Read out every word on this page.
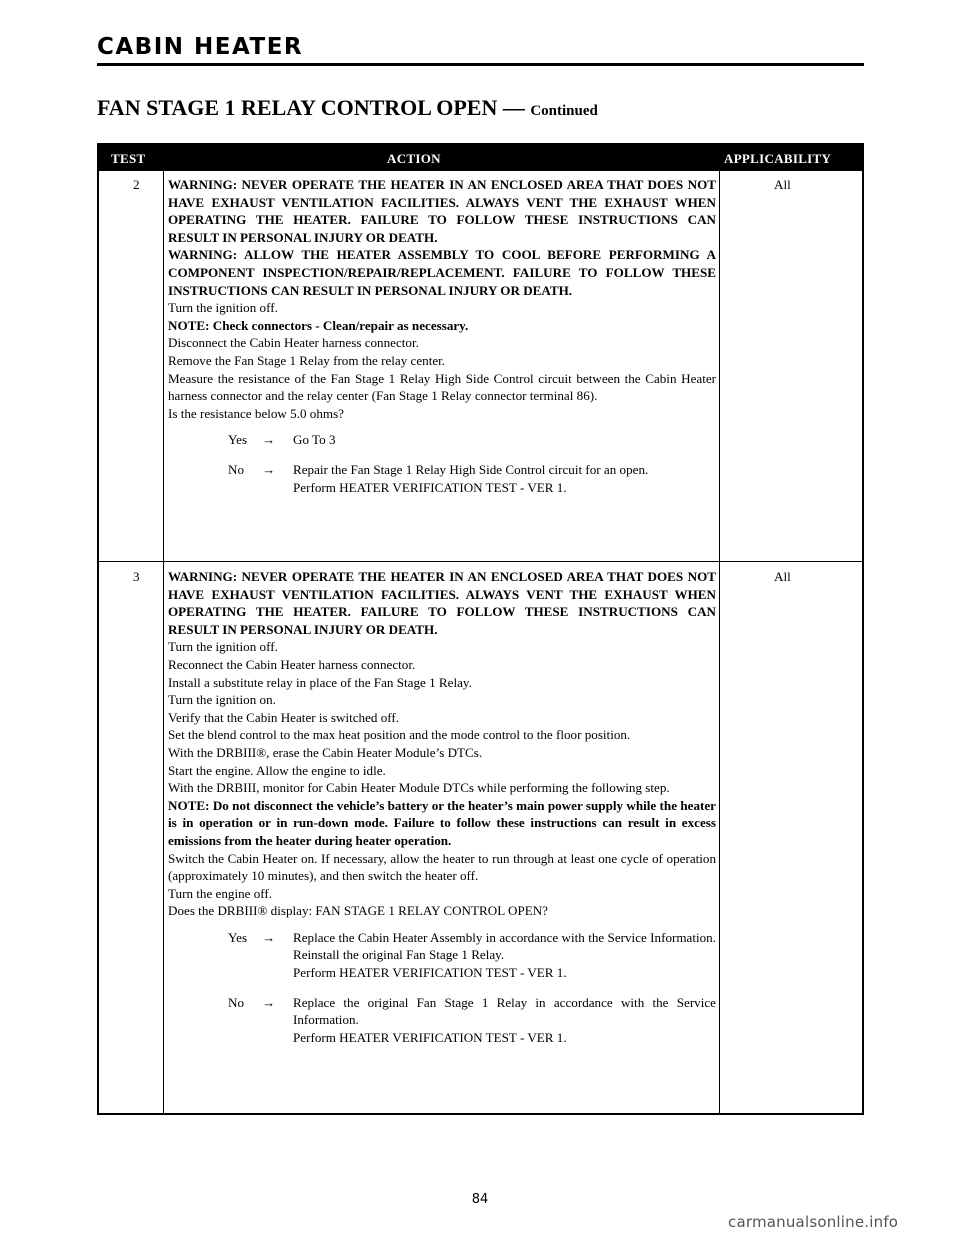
CABIN HEATER
FAN STAGE 1 RELAY CONTROL OPEN — Continued
TEST	ACTION	APPLICABILITY
2 WARNING: NEVER OPERATE THE HEATER IN AN ENCLOSED AREA THAT DOES NOT HAVE EXHAUST VENTILATION FACILITIES. ALWAYS VENT THE EXHAUST WHEN OPERATING THE HEATER. FAILURE TO FOLLOW THESE INSTRUCTIONS CAN RESULT IN PERSONAL INJURY OR DEATH.

WARNING: ALLOW THE HEATER ASSEMBLY TO COOL BEFORE PERFORMING A COMPONENT INSPECTION/REPAIR/REPLACEMENT. FAILURE TO FOLLOW THESE INSTRUCTIONS CAN RESULT IN PERSONAL INJURY OR DEATH.

Turn the ignition off.

NOTE: Check connectors - Clean/repair as necessary.

Disconnect the Cabin Heater harness connector.

Remove the Fan Stage 1 Relay from the relay center.

Measure the resistance of the Fan Stage 1 Relay High Side Control circuit between the Cabin Heater harness connector and the relay center (Fan Stage 1 Relay connector terminal 86).

Is the resistance below 5.0 ohms?

Yes → Go To 3
No → Repair the Fan Stage 1 Relay High Side Control circuit for an open.
Perform HEATER VERIFICATION TEST - VER 1.
All
3 WARNING: NEVER OPERATE THE HEATER IN AN ENCLOSED AREA THAT DOES NOT HAVE EXHAUST VENTILATION FACILITIES. ALWAYS VENT THE EXHAUST WHEN OPERATING THE HEATER. FAILURE TO FOLLOW THESE INSTRUCTIONS CAN RESULT IN PERSONAL INJURY OR DEATH.

Turn the ignition off.

Reconnect the Cabin Heater harness connector.

Install a substitute relay in place of the Fan Stage 1 Relay.

Turn the ignition on.

Verify that the Cabin Heater is switched off.

Set the blend control to the max heat position and the mode control to the floor position.

With the DRBIII®, erase the Cabin Heater Module’s DTCs.

Start the engine. Allow the engine to idle.

With the DRBIII, monitor for Cabin Heater Module DTCs while performing the following step.

NOTE: Do not disconnect the vehicle’s battery or the heater’s main power supply while the heater is in operation or in run-down mode. Failure to follow these instructions can result in excess emissions from the heater during heater operation.

Switch the Cabin Heater on. If necessary, allow the heater to run through at least one cycle of operation (approximately 10 minutes), and then switch the heater off.

Turn the engine off.

Does the DRBIII® display: FAN STAGE 1 RELAY CONTROL OPEN?

Yes → Replace the Cabin Heater Assembly in accordance with the Service Information. Reinstall the original Fan Stage 1 Relay.
Perform HEATER VERIFICATION TEST - VER 1.
No → Replace the original Fan Stage 1 Relay in accordance with the Service Information.
Perform HEATER VERIFICATION TEST - VER 1.
All
84
carmanualsonline.info
